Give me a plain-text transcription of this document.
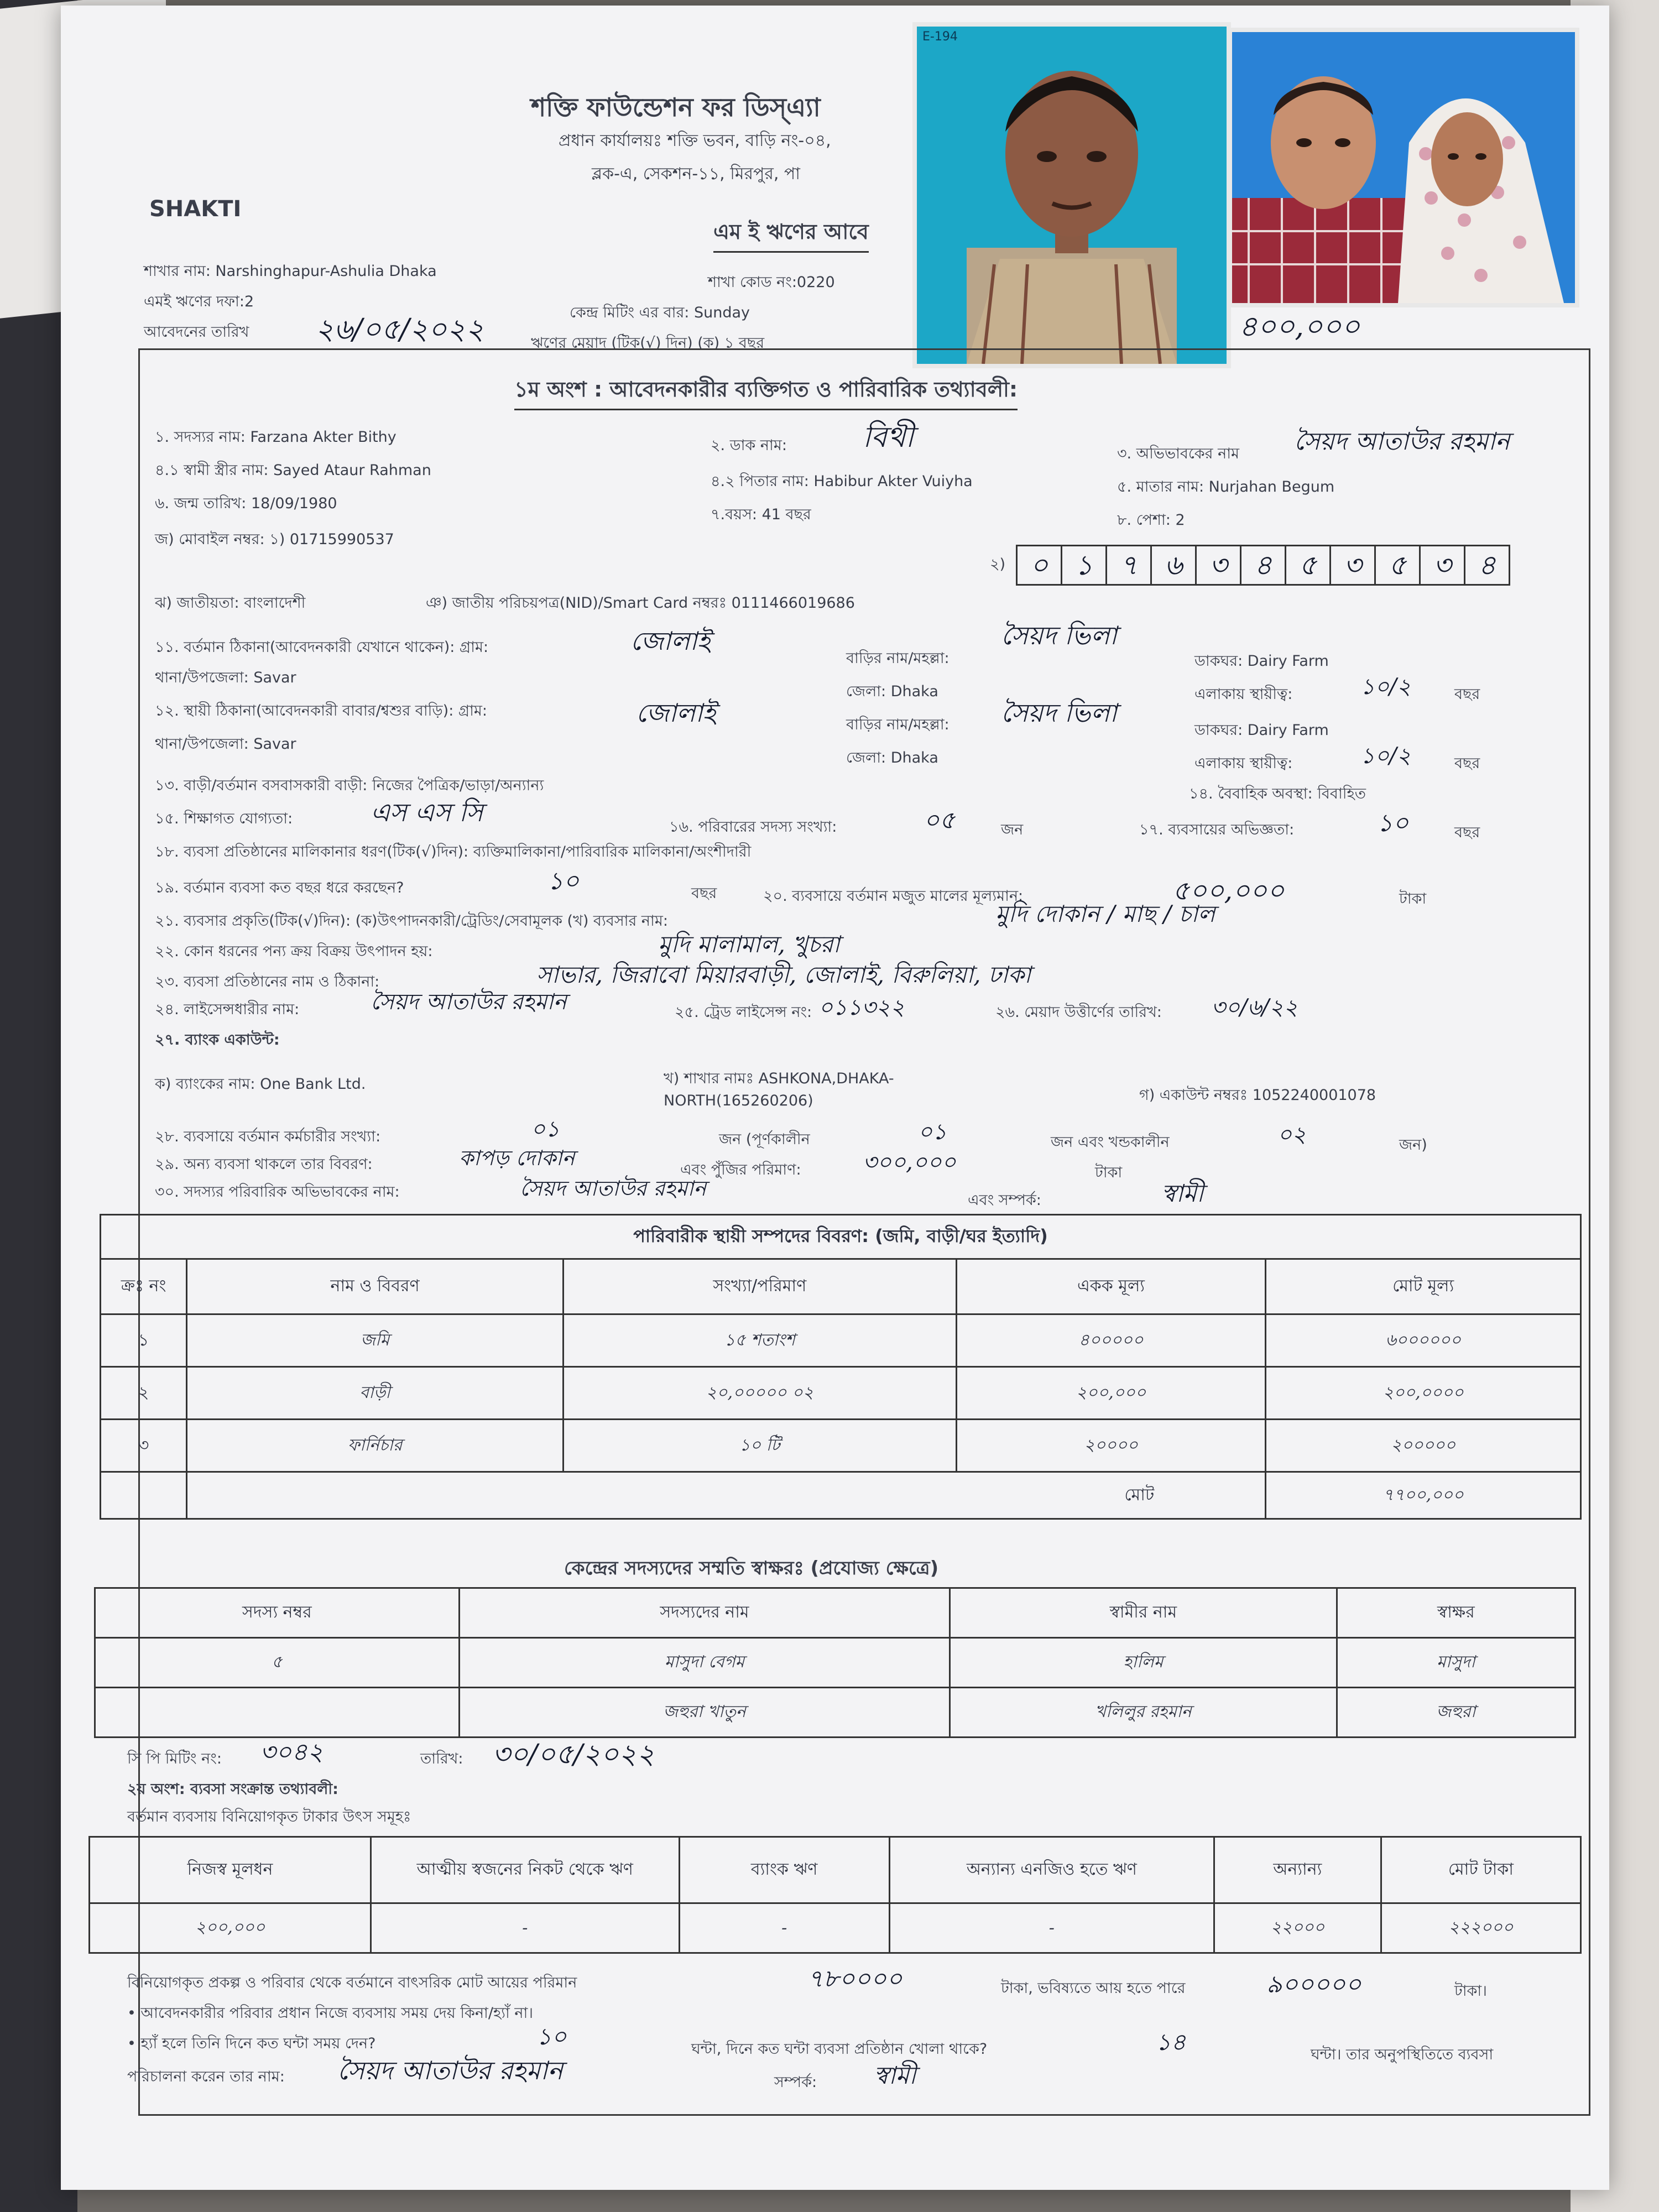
শক্তি ফাউন্ডেশন ফর ডিস্‌এ্যা
প্রধান কার্যালয়ঃ শক্তি ভবন, বাড়ি নং-০৪,
ব্লক-এ, সেকশন-১১, মিরপুর, পা
SHAKTI
এম ই ঋণের আবে
শাখার নাম: Narshinghapur-Ashulia Dhaka
এমই ঋণের দফা:2
আবেদনের তারিখ ২৬/০৫/২০২২
শাখা কোড নং:0220
কেন্দ্র মিটিং এর বার: Sunday
ঋণের মেয়াদ (টিক(√) দিন) (ক) ১ বছর	৪০০,০০০
E-194
১ম অংশ : আবেদনকারীর ব্যক্তিগত ও পারিবারিক তথ্যাবলী:
১. সদস্যর নাম: Farzana Akter Bithy	২. ডাক নাম:	বিথী	৩. অভিভাবকের নাম সৈয়দ আতাউর রহমান
৪.১ স্বামী স্ত্রীর নাম: Sayed Ataur Rahman
৪.২ পিতার নাম: Habibur Akter Vuiyha	৫. মাতার নাম: Nurjahan Begum
৬. জন্ম তারিখ: 18/09/1980
৭.বয়স: 41 বছর	৮. পেশা: 2
জ) মোবাইল নম্বর: ১) 01715990537
২) ০ ১ ৭ ৬ ৩ ৪ ৫ ৩ ৫ ৩ ৪
ঝ) জাতীয়তা: বাংলাদেশী	ঞ) জাতীয় পরিচয়পত্র(NID)/Smart Card নম্বরঃ 0111466019686
১১. বর্তমান ঠিকানা(আবেদনকারী যেখানে থাকেন): গ্রাম:	জোলাই
বাড়ির নাম/মহল্লা:
সৈয়দ ভিলা
ডাকঘর: Dairy Farm
থানা/উপজেলা: Savar
জেলা: Dhaka	এলাকায় স্থায়ীত্ব:	১০/২	বছর
১২. স্থায়ী ঠিকানা(আবেদনকারী বাবার/শ্বশুর বাড়ি): গ্রাম:	জোলাই	বাড়ির নাম/মহল্লা: সৈয়দ ভিলা
ডাকঘর: Dairy Farm
থানা/উপজেলা: Savar
জেলা: Dhaka	এলাকায় স্থায়ীত্ব:	১০/২	বছর
১৩. বাড়ী/বর্তমান বসবাসকারী বাড়ী: নিজের পৈত্রিক/ভাড়া/অন্যান্য	১৪. বৈবাহিক অবস্থা: বিবাহিত
১৫. শিক্ষাগত যোগ্যতা:	এস এস সি	১৬. পরিবারের সদস্য সংখ্যা:	০৫	জন	১৭. ব্যবসায়ের অভিজ্ঞতা:	১০	বছর
১৮. ব্যবসা প্রতিষ্ঠানের মালিকানার ধরণ(টিক(√)দিন): ব্যক্তিমালিকানা/পারিবারিক মালিকানা/অংশীদারী
১৯. বর্তমান ব্যবসা কত বছর ধরে করছেন?	১০	বছর	২০. ব্যবসায়ে বর্তমান মজুত মালের মূল্যমান:	৫০০,০০০	টাকা
২১. ব্যবসার প্রকৃতি(টিক(√)দিন): (ক)উৎপাদনকারী/ট্রেডিং/সেবামূলক (খ) ব্যবসার নাম:	মুদি দোকান / মাছ / চাল
২২. কোন ধরনের পন্য ক্রয় বিক্রয় উৎপাদন হয়:	মুদি মালামাল, খুচরা
২৩. ব্যবসা প্রতিষ্ঠানের নাম ও ঠিকানা:	সাভার, জিরাবো মিয়ারবাড়ী, জোলাই, বিরুলিয়া, ঢাকা
২৪. লাইসেন্সধারীর নাম:	সৈয়দ আতাউর রহমান	২৫. ট্রেড লাইসেন্স নং: ০১১৩২২	২৬. মেয়াদ উত্তীর্ণের তারিখ: ৩০/৬/২২
২৭. ব্যাংক একাউন্ট:
ক) ব্যাংকের নাম: One Bank Ltd.	খ) শাখার নামঃ ASHKONA,DHAKA-
NORTH(165260206)	গ) একাউন্ট নম্বরঃ 1052240001078
২৮. ব্যবসায়ে বর্তমান কর্মচারীর সংখ্যা:	০১	জন (পূর্ণকালীন	০১	জন এবং খন্ডকালীন	০২	জন)
২৯. অন্য ব্যবসা থাকলে তার বিবরণ:	কাপড় দোকান	এবং পুঁজির পরিমাণ:	৩০০,০০০	টাকা
৩০. সদস্যর পরিবারিক অভিভাবকের নাম:	সৈয়দ আতাউর রহমান	এবং সম্পর্ক:	স্বামী
পারিবারীক স্থায়ী সম্পদের বিবরণ: (জমি, বাড়ী/ঘর ইত্যাদি)				
ক্রঃ নং	নাম ও বিবরণ	সংখ্যা/পরিমাণ	একক মূল্য	মোট মূল্য
১	জমি	১৫ শতাংশ	৪০০০০০	৬০০০০০০
২	বাড়ী	২০,০০০০০ ০২	২০০,০০০	২০০,০০০০
৩	ফার্নিচার	১০ টি	২০০০০	২০০০০০
	মোট			৭৭০০,০০০
কেন্দ্রের সদস্যদের সম্মতি স্বাক্ষরঃ (প্রযোজ্য ক্ষেত্রে)
সদস্য নম্বর	সদস্যদের নাম	স্বামীর নাম	স্বাক্ষর
৫	মাসুদা বেগম	হালিম	মাসুদা
	জহুরা খাতুন	খলিলুর রহমান	জহুরা
সি পি মিটিং নং: ৩০৪২	তারিখ: ৩০/০৫/২০২২
২য় অংশ: ব্যবসা সংক্রান্ত তথ্যাবলী:
বর্তমান ব্যবসায় বিনিয়োগকৃত টাকার উৎস সমূহঃ
নিজস্ব মূলধন	আত্মীয় স্বজনের নিকট থেকে ঋণ	ব্যাংক ঋণ	অন্যান্য এনজিও হতে ঋণ	অন্যান্য	মোট টাকা
২০০,০০০	-	-	-	২২০০০	২২২০০০
বিনিয়োগকৃত প্রকল্প ও পরিবার থেকে বর্তমানে বাৎসরিক মোট আয়ের পরিমান	৭৮০০০০	টাকা, ভবিষ্যতে আয় হতে পারে	৯০০০০০	টাকা।
• আবেদনকারীর পরিবার প্রধান নিজে ব্যবসায় সময় দেয় কিনা/হ্যাঁ না।
• হ্যাঁ হলে তিনি দিনে কত ঘন্টা সময় দেন?	১০	ঘন্টা, দিনে কত ঘন্টা ব্যবসা প্রতিষ্ঠান খোলা থাকে?	১৪	ঘন্টা। তার অনুপস্থিতিতে ব্যবসা
পরিচালনা করেন তার নাম: সৈয়দ আতাউর রহমান	সম্পর্ক: স্বামী
